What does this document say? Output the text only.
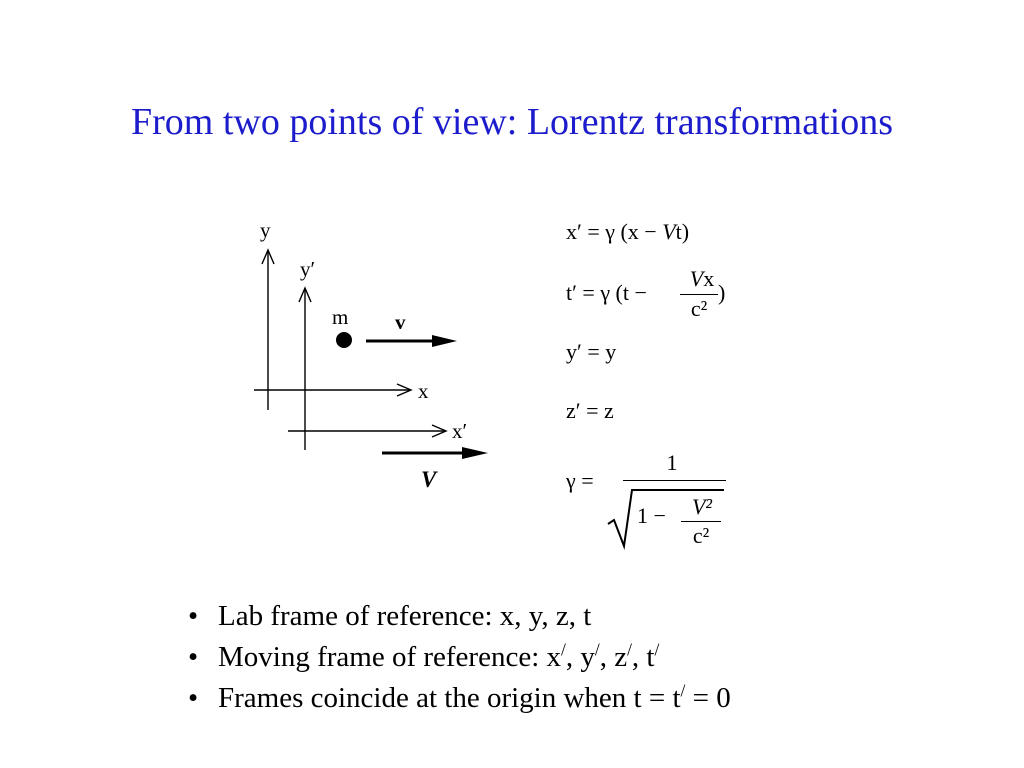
From two points of view: Lorentz transformations
y
x
y′
x′
m v
V
x′ = γ (x − Vt)
t′ = γ (t −
Vx
c²
)
y′ = y
z′ = z
γ =
1
1 −	V²
c²
• Lab frame of reference: x, y, z, t
• Moving frame of reference: x/, y/, z/, t/
• Frames coincide at the origin when t = t/ = 0
